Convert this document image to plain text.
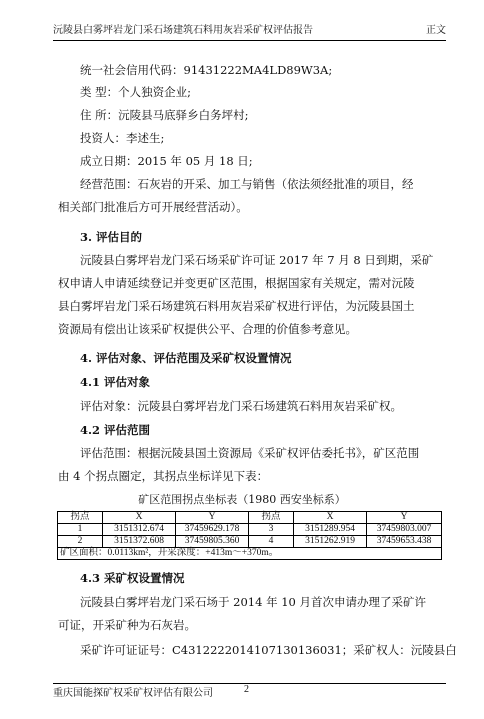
沅陵县白雾坪岩龙门采石场建筑石料用灰岩采矿权评估报告	正文
统一社会信用代码：91431222MA4LD89W3A;
类 型：个人独资企业;
住 所：沅陵县马底驿乡白务坪村;
投资人：李述生;
成立日期：2015 年 05 月 18 日;
经营范围：石灰岩的开采、加工与销售（依法须经批准的项目，经
相关部门批准后方可开展经营活动）。
3. 评估目的
沅陵县白雾坪岩龙门采石场采矿许可证 2017 年 7 月 8 日到期，采矿
权申请人申请延续登记并变更矿区范围，根据国家有关规定，需对沅陵
县白雾坪岩龙门采石场建筑石料用灰岩采矿权进行评估，为沅陵县国土
资源局有偿出让该采矿权提供公平、合理的价值参考意见。
4. 评估对象、评估范围及采矿权设置情况
4.1 评估对象
评估对象：沅陵县白雾坪岩龙门采石场建筑石料用灰岩采矿权。
4.2 评估范围
评估范围：根据沅陵县国土资源局《采矿权评估委托书》，矿区范围
由 4 个拐点圈定，其拐点坐标详见下表：
矿区范围拐点坐标表（1980 西安坐标系）
拐点	X	Y	拐点	X	Y
1	3151312.674	37459629.178	3	3151289.954	37459803.007
2	3151372.608	37459805.360	4	3151262.919	37459653.438
矿区面积：0.0113km²，开采深度：+413m～+370m。					
4.3 采矿权设置情况
沅陵县白雾坪岩龙门采石场于 2014 年 10 月首次申请办理了采矿许
可证，开采矿种为石灰岩。
采矿许可证证号：C4312222014107130136031；采矿权人：沅陵县白
重庆国能探矿权采矿权评估有限公司	2
